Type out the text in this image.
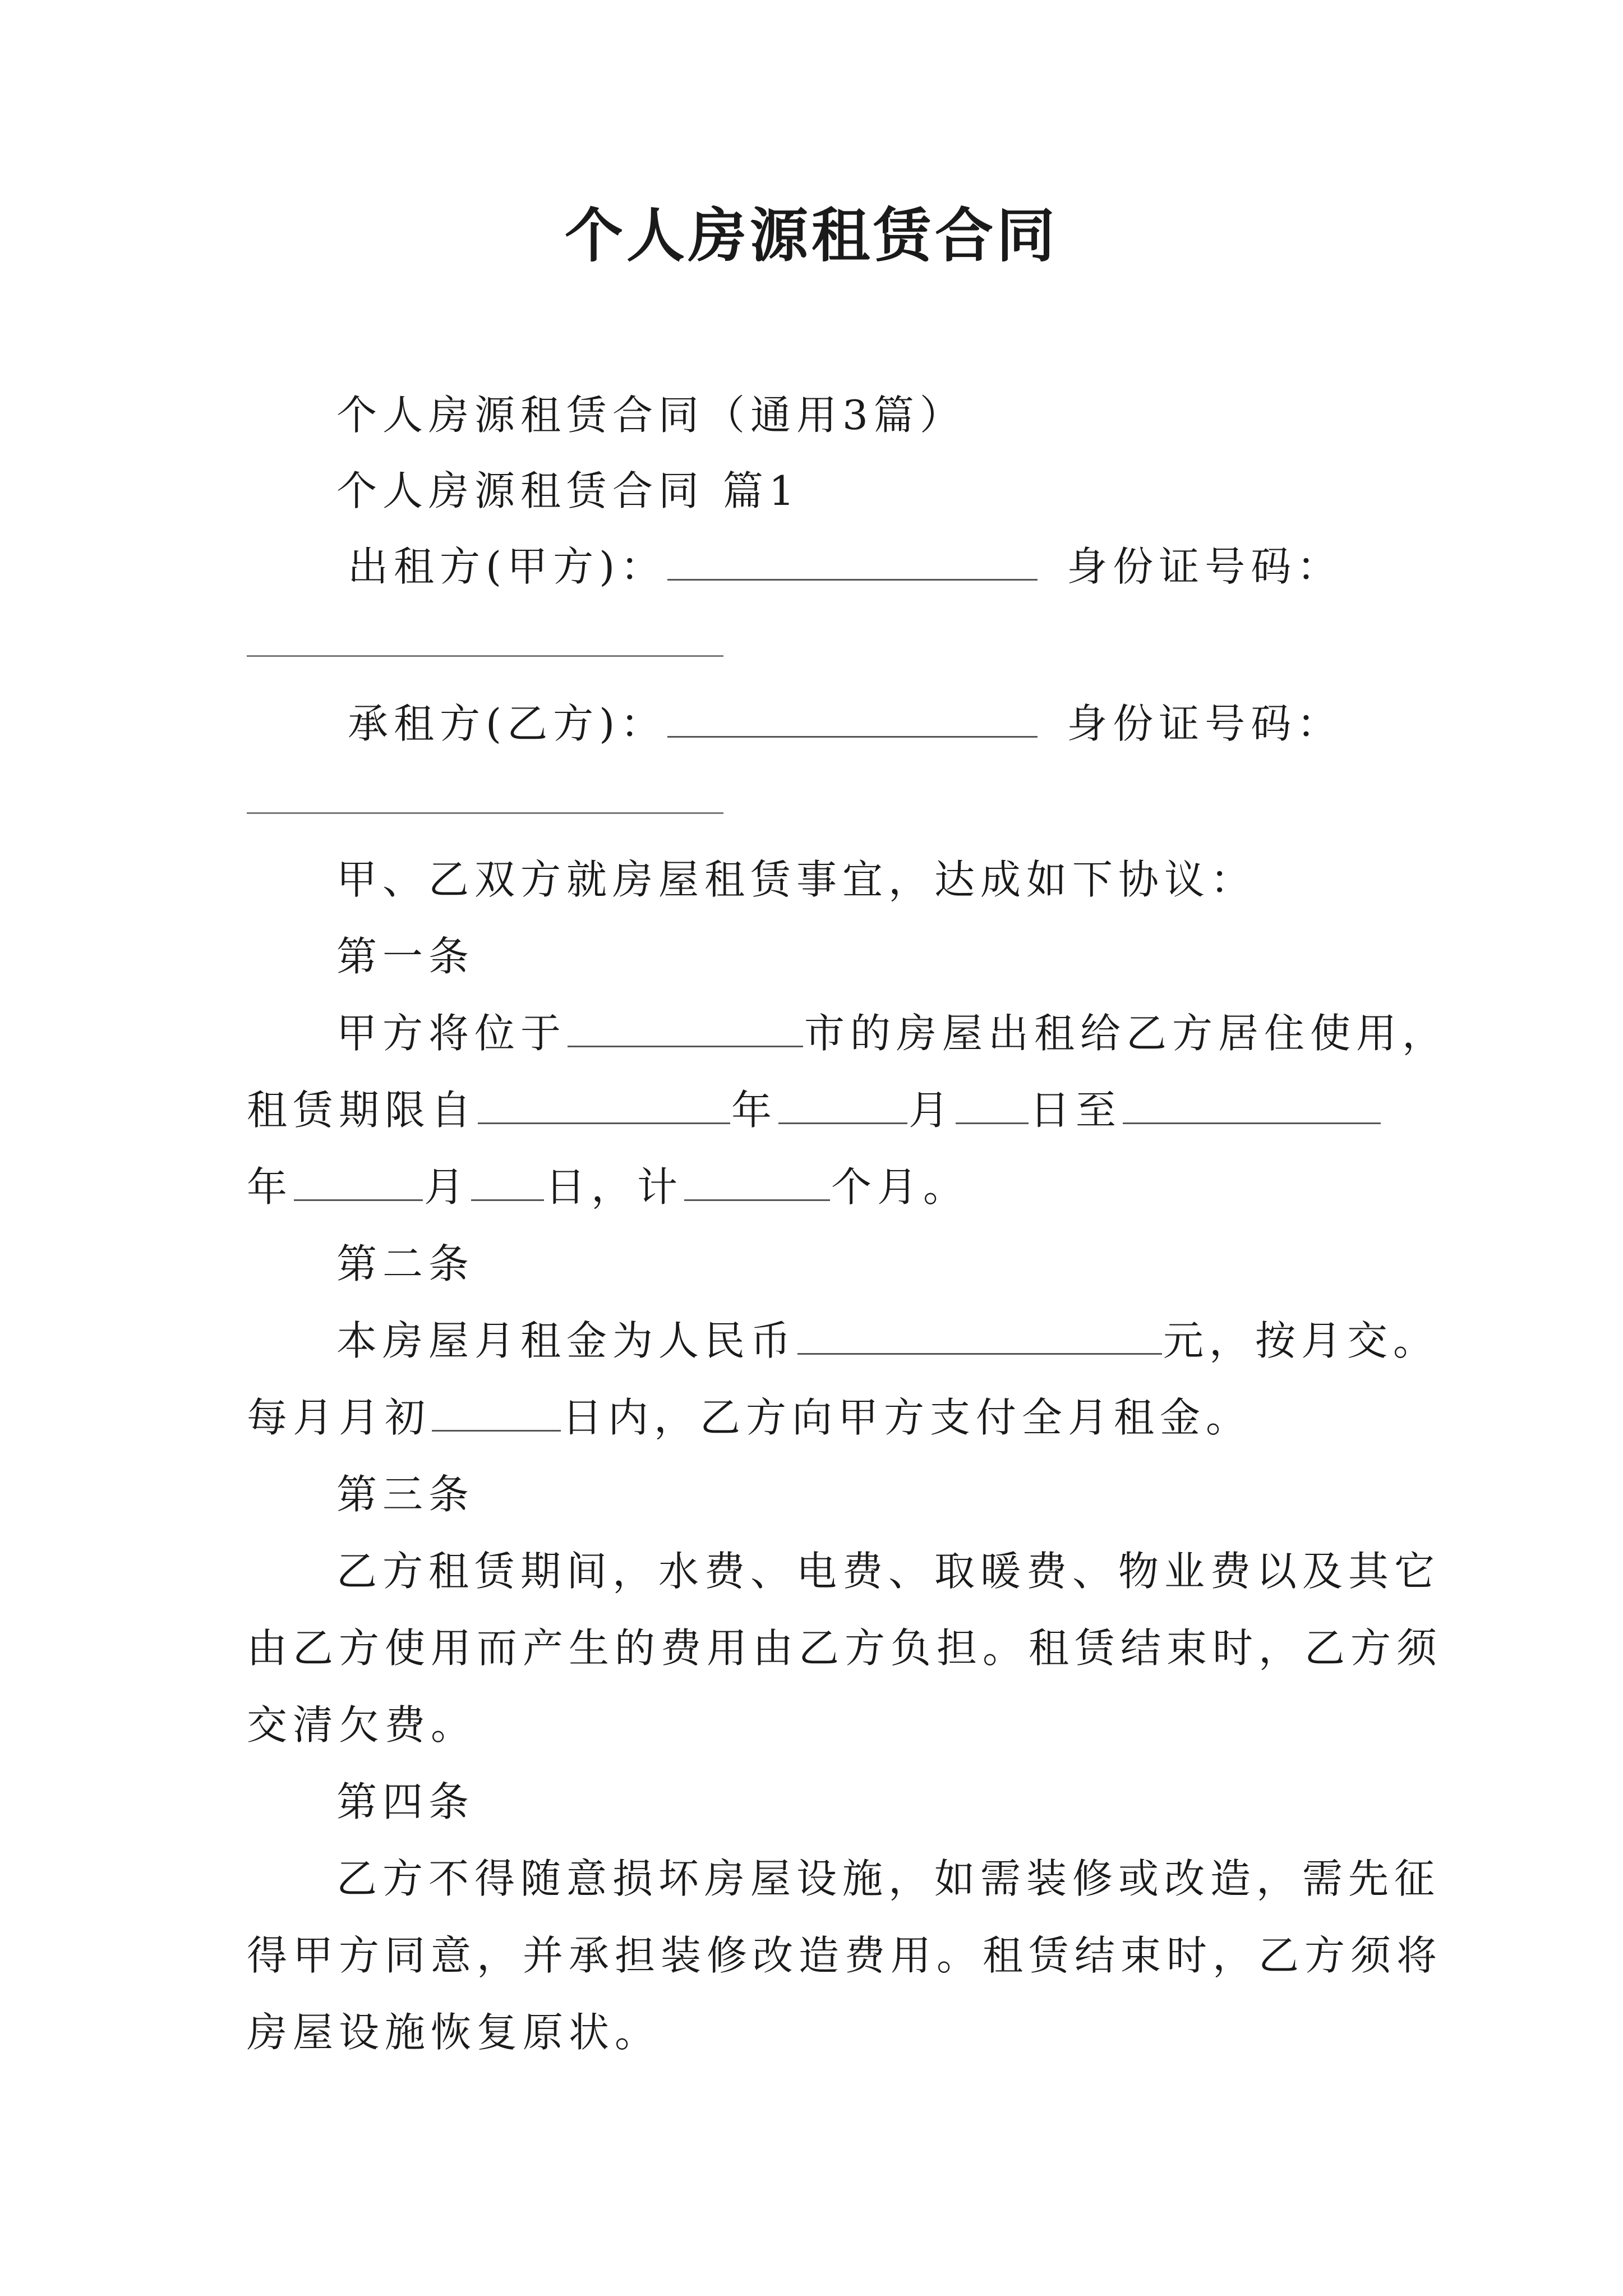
个人房源租赁合同
个人房源租赁合同（通用3篇）
个人房源租赁合同 篇1
出租方(甲方)：	身份证号码：
承租方(乙方)：	身份证号码：
甲、乙双方就房屋租赁事宜，达成如下协议：
第一条
甲方将位于	市的房屋出租给乙方居住使用，
租赁期限自	年	月 日至
年	月 日，计	个月。
第二条
本房屋月租金为人民币	元，按月交。
每月月初	日内，乙方向甲方支付全月租金。
第三条
乙方租赁期间，水费、电费、取暖费、物业费以及其它
由乙方使用而产生的费用由乙方负担。租赁结束时，乙方须
交清欠费。
第四条
乙方不得随意损坏房屋设施，如需装修或改造，需先征
得甲方同意，并承担装修改造费用。租赁结束时，乙方须将
房屋设施恢复原状。
